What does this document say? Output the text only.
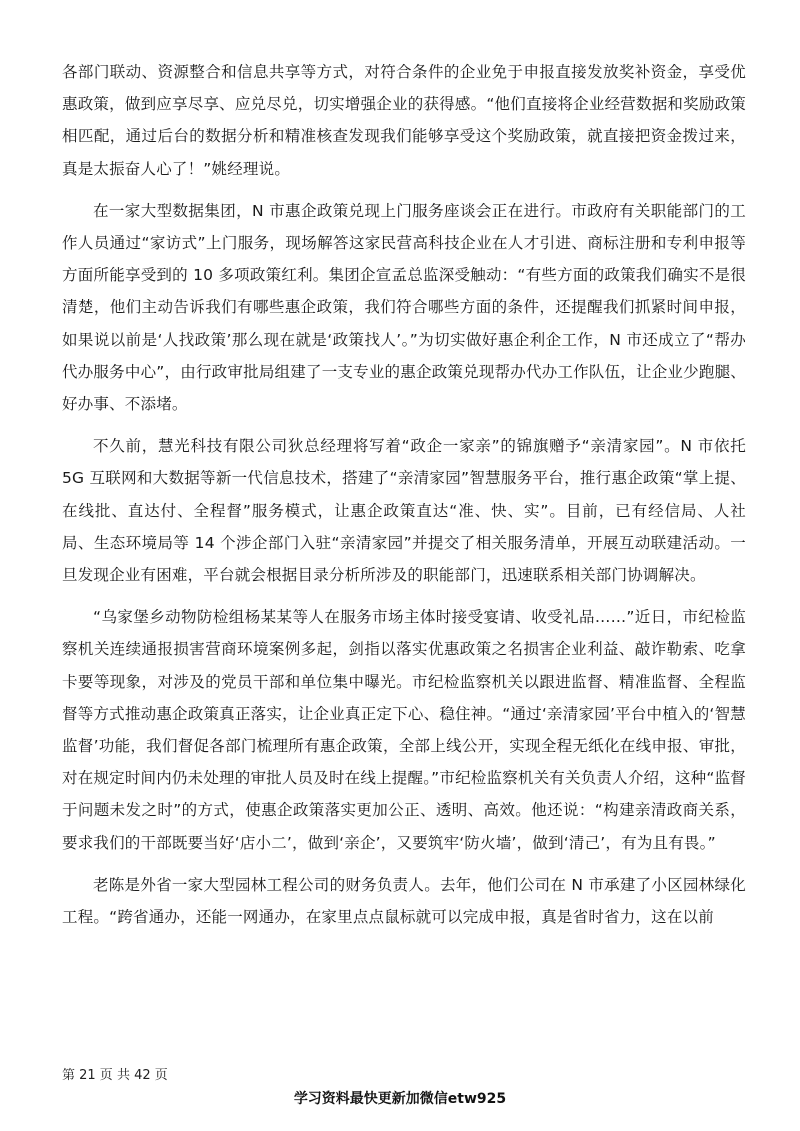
各部门联动、资源整合和信息共享等方式，对符合条件的企业免于申报直接发放奖补资金，享受优惠政策，做到应享尽享、应兑尽兑，切实增强企业的获得感。“他们直接将企业经营数据和奖励政策相匹配，通过后台的数据分析和精准核查发现我们能够享受这个奖励政策，就直接把资金拨过来，真是太振奋人心了！”姚经理说。

在一家大型数据集团，N 市惠企政策兑现上门服务座谈会正在进行。市政府有关职能部门的工作人员通过“家访式”上门服务，现场解答这家民营高科技企业在人才引进、商标注册和专利申报等方面所能享受到的 10 多项政策红利。集团企宣孟总监深受触动：“有些方面的政策我们确实不是很清楚，他们主动告诉我们有哪些惠企政策，我们符合哪些方面的条件，还提醒我们抓紧时间申报，如果说以前是‘人找政策’那么现在就是‘政策找人’。”为切实做好惠企利企工作，N 市还成立了“帮办代办服务中心”，由行政审批局组建了一支专业的惠企政策兑现帮办代办工作队伍，让企业少跑腿、好办事、不添堵。

不久前，慧光科技有限公司狄总经理将写着“政企一家亲”的锦旗赠予“亲清家园”。N 市依托 5G 互联网和大数据等新一代信息技术，搭建了“亲清家园”智慧服务平台，推行惠企政策“掌上提、在线批、直达付、全程督”服务模式，让惠企政策直达“准、快、实”。目前，已有经信局、人社局、生态环境局等 14 个涉企部门入驻“亲清家园”并提交了相关服务清单，开展互动联建活动。一旦发现企业有困难，平台就会根据目录分析所涉及的职能部门，迅速联系相关部门协调解决。

“乌家堡乡动物防检组杨某某等人在服务市场主体时接受宴请、收受礼品……”近日，市纪检监察机关连续通报损害营商环境案例多起，剑指以落实优惠政策之名损害企业利益、敲诈勒索、吃拿卡要等现象，对涉及的党员干部和单位集中曝光。市纪检监察机关以跟进监督、精准监督、全程监督等方式推动惠企政策真正落实，让企业真正定下心、稳住神。“通过‘亲清家园’平台中植入的‘智慧监督’功能，我们督促各部门梳理所有惠企政策，全部上线公开，实现全程无纸化在线申报、审批，对在规定时间内仍未处理的审批人员及时在线上提醒。”市纪检监察机关有关负责人介绍，这种“监督于问题未发之时”的方式，使惠企政策落实更加公正、透明、高效。他还说：“构建亲清政商关系，要求我们的干部既要当好‘店小二’，做到‘亲企’，又要筑牢‘防火墙’，做到‘清己’，有为且有畏。”

老陈是外省一家大型园林工程公司的财务负责人。去年，他们公司在 N 市承建了小区园林绿化工程。“跨省通办，还能一网通办，在家里点点鼠标就可以完成申报，真是省时省力，这在以前

第 21 页 共 42 页
学习资料最快更新加微信etw925
